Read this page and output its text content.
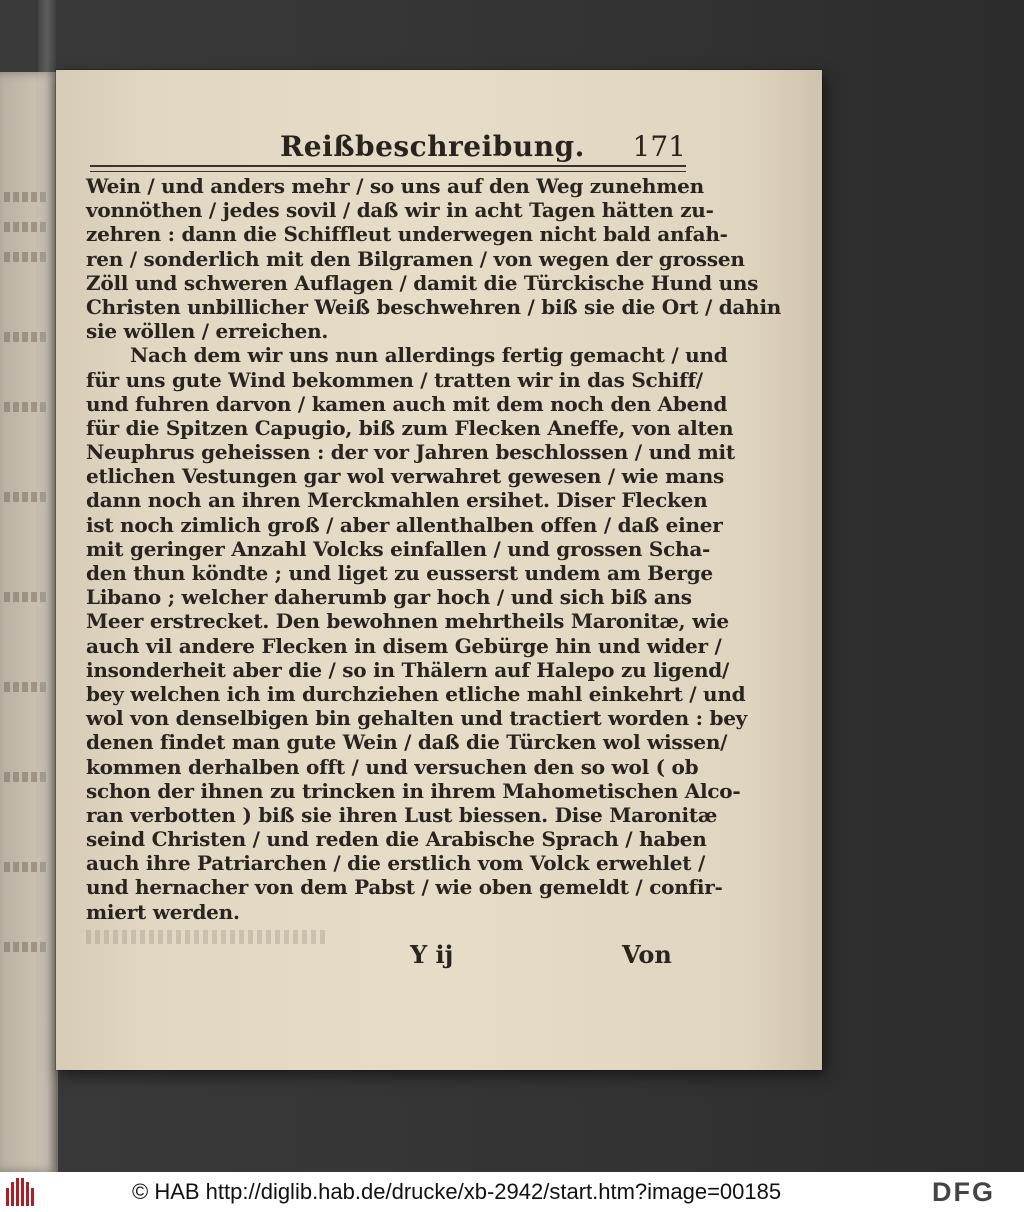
Reißbeschreibung. 171
Wein / und anders mehr / so uns auf den Weg zunehmen
vonnöthen / jedes sovil / daß wir in acht Tagen hätten zu-
zehren : dann die Schiffleut underwegen nicht bald anfah-
ren / sonderlich mit den Bilgramen / von wegen der grossen
Zöll und schweren Auflagen / damit die Türckische Hund uns
Christen unbillicher Weiß beschwehren / biß sie die Ort / dahin
sie wöllen / erreichen.
Nach dem wir uns nun allerdings fertig gemacht / und
für uns gute Wind bekommen / tratten wir in das Schiff/
und fuhren darvon / kamen auch mit dem noch den Abend
für die Spitzen Capugio, biß zum Flecken Aneffe, von alten
Neuphrus geheissen : der vor Jahren beschlossen / und mit
etlichen Vestungen gar wol verwahret gewesen / wie mans
dann noch an ihren Merckmahlen ersihet. Diser Flecken
ist noch zimlich groß / aber allenthalben offen / daß einer
mit geringer Anzahl Volcks einfallen / und grossen Scha-
den thun köndte ; und liget zu eusserst undem am Berge
Libano ; welcher daherumb gar hoch / und sich biß ans
Meer erstrecket. Den bewohnen mehrtheils Maronitæ, wie
auch vil andere Flecken in disem Gebürge hin und wider /
insonderheit aber die / so in Thälern auf Halepo zu ligend/
bey welchen ich im durchziehen etliche mahl einkehrt / und
wol von denselbigen bin gehalten und tractiert worden : bey
denen findet man gute Wein / daß die Türcken wol wissen/
kommen derhalben offt / und versuchen den so wol ( ob
schon der ihnen zu trincken in ihrem Mahometischen Alco-
ran verbotten ) biß sie ihren Lust biessen. Dise Maronitæ
seind Christen / und reden die Arabische Sprach / haben
auch ihre Patriarchen / die erstlich vom Volck erwehlet /
und hernacher von dem Pabst / wie oben gemeldt / confir-
miert werden.
Y ij	Von
© HAB http://diglib.hab.de/drucke/xb-2942/start.htm?image=00185	DFG
